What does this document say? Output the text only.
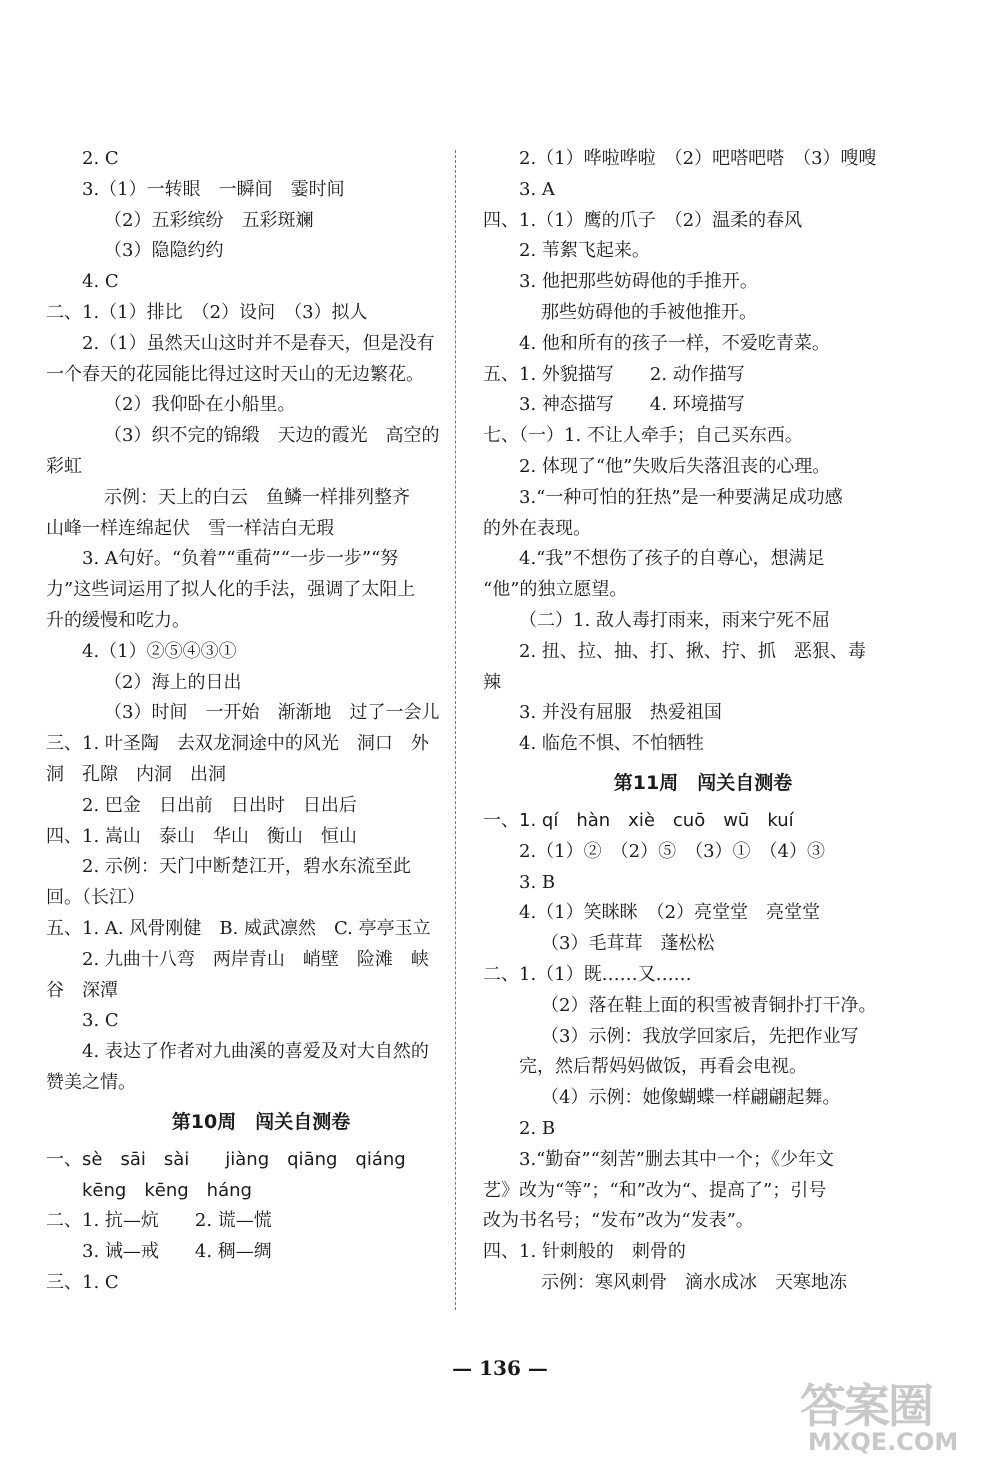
2. C
3.（1）一转眼　一瞬间　霎时间
（2）五彩缤纷　五彩斑斓
（3）隐隐约约
4. C
二、1.（1）排比　（2）设问　（3）拟人
2.（1）虽然天山这时并不是春天，但是没有
一个春天的花园能比得过这时天山的无边繁花。
（2）我仰卧在小船里。
（3）织不完的锦缎　天边的霞光　高空的
彩虹
示例：天上的白云　鱼鳞一样排列整齐
山峰一样连绵起伏　雪一样洁白无瑕
3. A句好。“负着”“重荷”“一步一步”“努
力”这些词运用了拟人化的手法，强调了太阳上
升的缓慢和吃力。
4.（1）②⑤④③①
（2）海上的日出
（3）时间　一开始　渐渐地　过了一会儿
三、1. 叶圣陶　去双龙洞途中的风光　洞口　外
洞　孔隙　内洞　出洞
2. 巴金　日出前　日出时　日出后
四、1. 嵩山　泰山　华山　衡山　恒山
2. 示例：天门中断楚江开，碧水东流至此
回。（长江）
五、1. A. 风骨刚健　B. 威武凛然　C. 亭亭玉立
2. 九曲十八弯　两岸青山　峭壁　险滩　峡
谷　深潭
3. C
4. 表达了作者对九曲溪的喜爱及对大自然的
赞美之情。
第10周　闯关自测卷
一、sè　sāi　sài　　jiàng　qiāng　qiáng
kēng　kēng　háng
二、1. 抗—炕　　2. 谎—慌
3. 诫—戒　　4. 稠—绸
三、1. C
2.（1）哗啦哗啦　（2）吧嗒吧嗒　（3）嗖嗖
3. A
四、1.（1）鹰的爪子　（2）温柔的春风
2. 苇絮飞起来。
3. 他把那些妨碍他的手推开。
那些妨碍他的手被他推开。
4. 他和所有的孩子一样，不爱吃青菜。
五、1. 外貌描写　　2. 动作描写
3. 神态描写　　4. 环境描写
七、（一）1. 不让人牵手；自己买东西。
2. 体现了“他”失败后失落沮丧的心理。
3.“一种可怕的狂热”是一种要满足成功感
的外在表现。
4.“我”不想伤了孩子的自尊心，想满足
“他”的独立愿望。
（二）1. 敌人毒打雨来，雨来宁死不屈
2. 扭、拉、抽、打、揪、拧、抓　恶狠、毒
辣
3. 并没有屈服　热爱祖国
4. 临危不惧、不怕牺牲
第11周　闯关自测卷
一、1. qí　hàn　xiè　cuō　wū　kuí
2.（1）②　（2）⑤　（3）①　（4）③
3. B
4.（1）笑眯眯　（2）亮堂堂　亮堂堂
（3）毛茸茸　蓬松松
二、1.（1）既……又……
（2）落在鞋上面的积雪被青铜扑打干净。
（3）示例：我放学回家后，先把作业写
完，然后帮妈妈做饭，再看会电视。
（4）示例：她像蝴蝶一样翩翩起舞。
2. B
3.“勤奋”“刻苦”删去其中一个；《少年文
艺》改为“等”；“和”改为“、提高了”；引号
改为书名号；“发布”改为“发表”。
四、1. 针刺般的　刺骨的
示例：寒风刺骨　滴水成冰　天寒地冻
— 136 —
答案圈
MXQE.COM
